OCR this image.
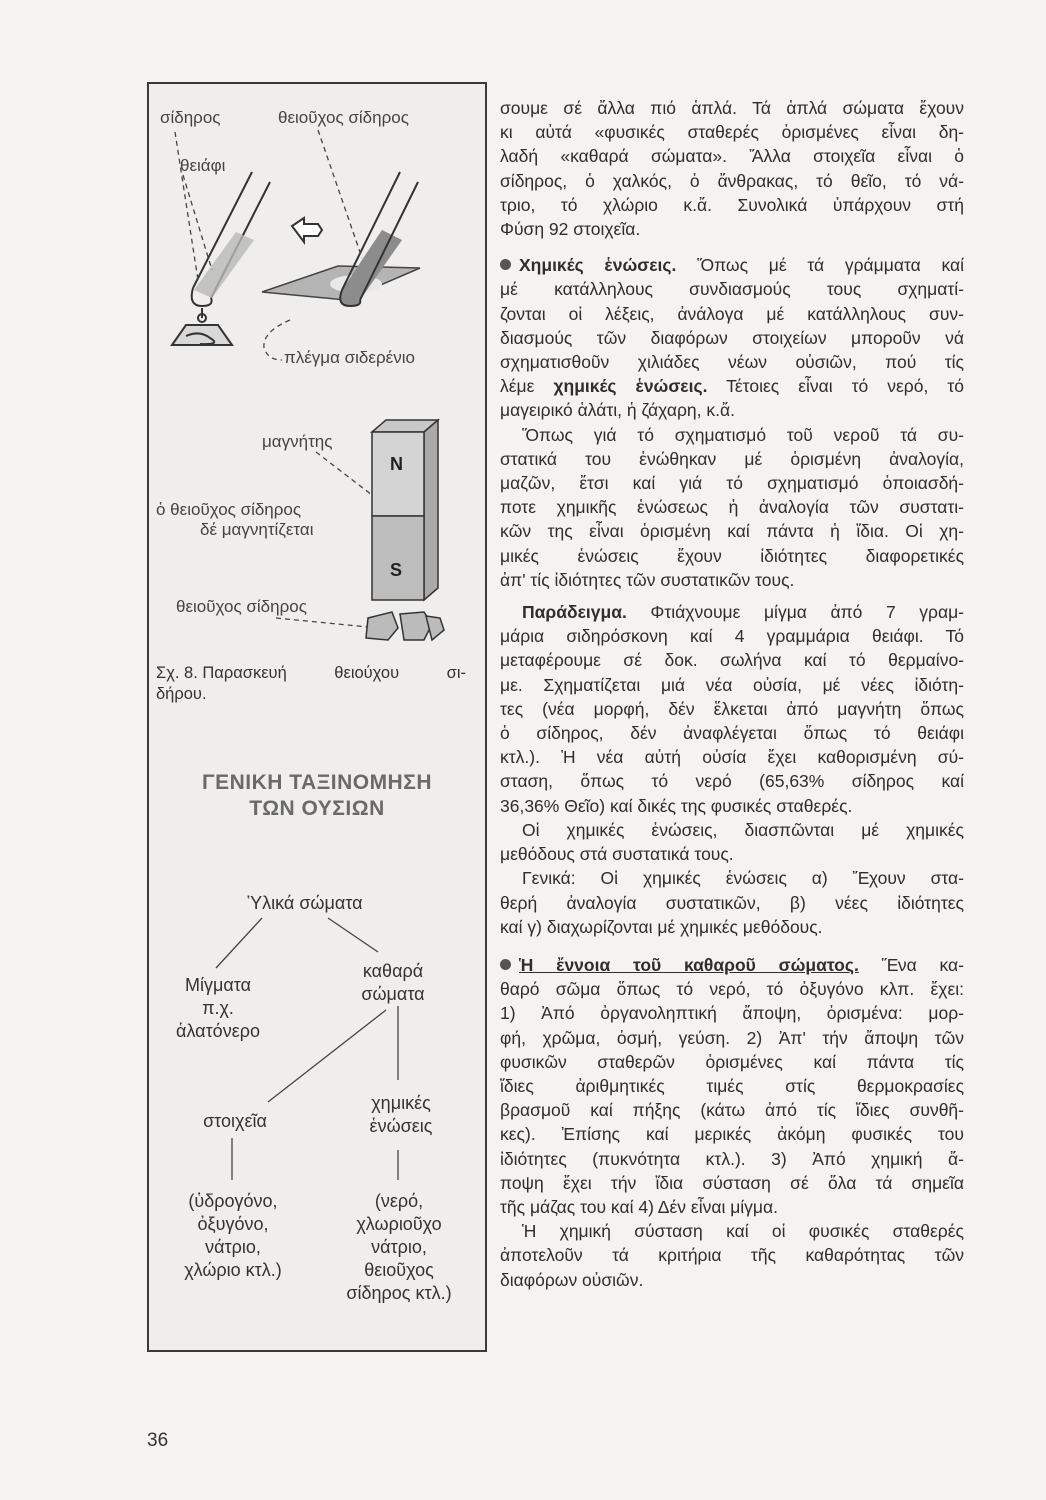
N
S
σίδηρος	θειοῦχος σίδηρος
θειάφι
πλέγμα σιδερένιο
μαγνήτης
ὁ θειοῦχος σίδηρος
δέ μαγνητίζεται
θειοῦχος σίδηρος
Σχ. 8. Παρασκευή	θειούχου	σι-
δήρου.
ΓΕΝΙΚΗ ΤΑΞΙΝΟΜΗΣΗ
ΤΩΝ ΟΥΣΙΩΝ
Ὑλικά σώματα
Μίγματα
π.χ.
ἁλατόνερο
καθαρά
σώματα
στοιχεῖα
χημικές
ἑνώσεις
(ὑδρογόνο,
ὀξυγόνο,
νάτριο,
χλώριο κτλ.)
(νερό,
χλωριοῦχο
νάτριο,
θειοῦχος
σίδηρος κτλ.)

σουμε σέ ἄλλα πιό ἁπλά. Τά ἁπλά σώματα ἔχουν

κι αὐτά «φυσικές σταθερές ὁρισμένες εἶναι δη-

λαδή «καθαρά σώματα». Ἄλλα στοιχεῖα εἶναι ὁ

σίδηρος, ὁ χαλκός, ὁ ἄνθρακας, τό θεῖο, τό νά-

τριο, τό χλώριο κ.ἄ. Συνολικά ὑπάρχουν στή

Φύση 92 στοιχεῖα.

Χημικές ἑνώσεις. Ὅπως μέ τά γράμματα καί

μέ κατάλληλους συνδιασμούς τους σχηματί-

ζονται οἱ λέξεις, ἀνάλογα μέ κατάλληλους συν-

διασμούς τῶν διαφόρων στοιχείων μποροῦν νά

σχηματισθοῦν χιλιάδες νέων οὐσιῶν, πού τίς

λέμε χημικές ἑνώσεις. Τέτοιες εἶναι τό νερό, τό

μαγειρικό ἁλάτι, ἡ ζάχαρη, κ.ἄ.

Ὅπως γιά τό σχηματισμό τοῦ νεροῦ τά συ-

στατικά του ἑνώθηκαν μέ ὁρισμένη ἀναλογία,

μαζῶν, ἔτσι καί γιά τό σχηματισμό ὁποιασδή-

ποτε χημικῆς ἑνώσεως ἡ ἀναλογία τῶν συστατι-

κῶν της εἶναι ὁρισμένη καί πάντα ἡ ἴδια. Οἱ χη-

μικές ἑνώσεις ἔχουν ἰδιότητες διαφορετικές

ἀπ' τίς ἰδιότητες τῶν συστατικῶν τους.

Παράδειγμα. Φτιάχνουμε μίγμα ἀπό 7 γραμ-

μάρια σιδηρόσκονη καί 4 γραμμάρια θειάφι. Τό

μεταφέρουμε σέ δοκ. σωλήνα καί τό θερμαίνο-

με. Σχηματίζεται μιά νέα οὐσία, μέ νέες ἰδιότη-

τες (νέα μορφή, δέν ἕλκεται ἀπό μαγνήτη ὅπως

ὁ σίδηρος, δέν ἀναφλέγεται ὅπως τό θειάφι

κτλ.). Ἡ νέα αὐτή οὐσία ἔχει καθορισμένη σύ-

σταση, ὅπως τό νερό (65,63% σίδηρος καί

36,36% Θεῖο) καί δικές της φυσικές σταθερές.

Οἱ χημικές ἑνώσεις, διασπῶνται μέ χημικές

μεθόδους στά συστατικά τους.

Γενικά: Οἱ χημικές ἑνώσεις α) Ἔχουν στα-

θερή ἀναλογία συστατικῶν, β) νέες ἰδιότητες

καί γ) διαχωρίζονται μέ χημικές μεθόδους.

Ἡ ἔννοια τοῦ καθαροῦ σώματος. Ἕνα κα-

θαρό σῶμα ὅπως τό νερό, τό ὀξυγόνο κλπ. ἔχει:

1) Ἀπό ὀργανοληπτική ἄποψη, ὁρισμένα: μορ-

φή, χρῶμα, ὀσμή, γεύση. 2) Ἀπ' τήν ἄποψη τῶν

φυσικῶν σταθερῶν ὁρισμένες καί πάντα τίς

ἴδιες ἀριθμητικές τιμές στίς θερμοκρασίες

βρασμοῦ καί πήξης (κάτω ἀπό τίς ἴδιες συνθῆ-

κες). Ἐπίσης καί μερικές ἀκόμη φυσικές του

ἰδιότητες (πυκνότητα κτλ.). 3) Ἀπό χημική ἄ-

ποψη ἔχει τήν ἴδια σύσταση σέ ὅλα τά σημεῖα

τῆς μάζας του καί 4) Δέν εἶναι μίγμα.

Ἡ χημική σύσταση καί οἱ φυσικές σταθερές

ἀποτελοῦν τά κριτήρια τῆς καθαρότητας τῶν

διαφόρων οὐσιῶν.

36
